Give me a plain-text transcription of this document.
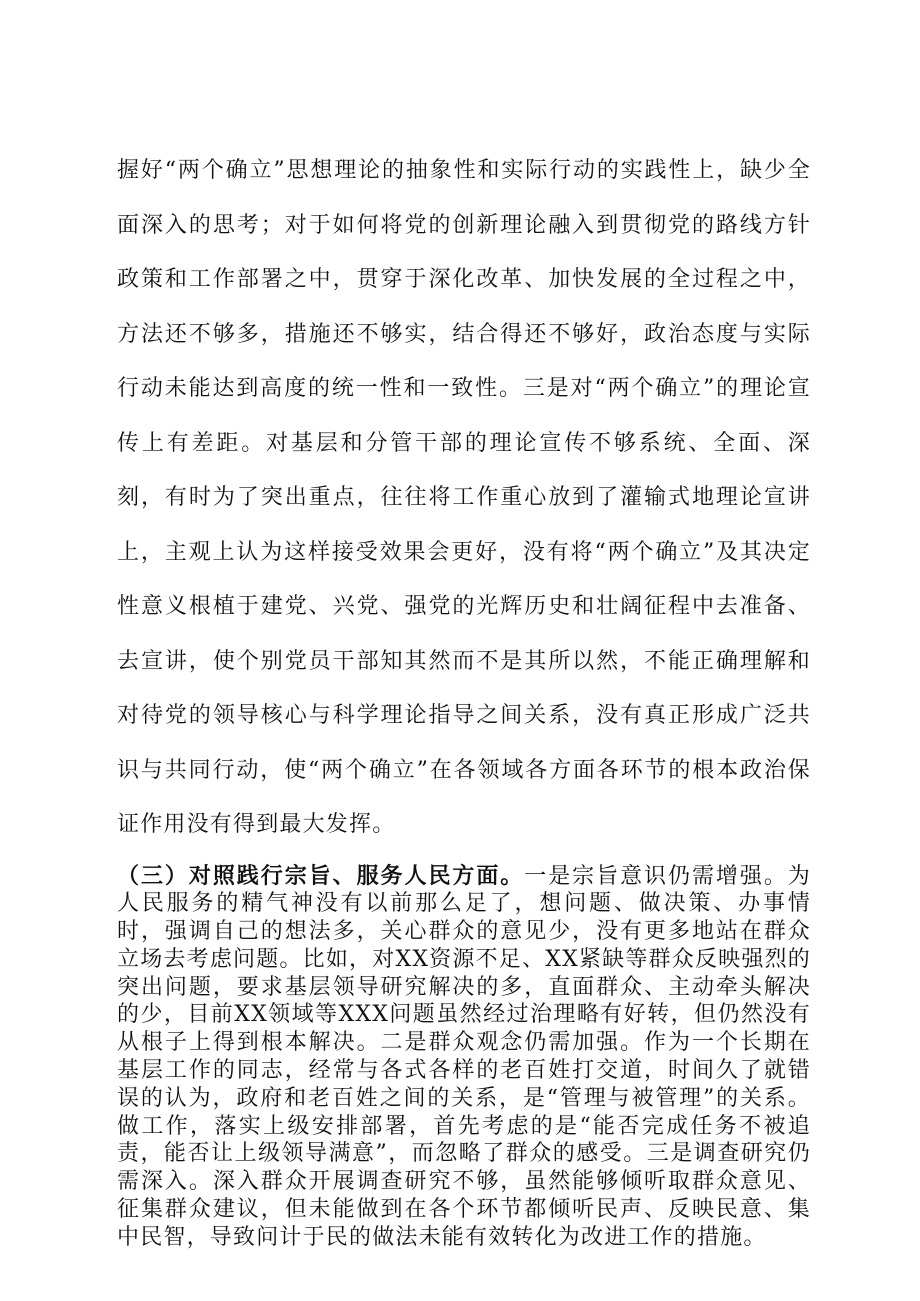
握好“两个确立”思想理论的抽象性和实际行动的实践性上，缺少全面深入的思考；对于如何将党的创新理论融入到贯彻党的路线方针政策和工作部署之中，贯穿于深化改革、加快发展的全过程之中，方法还不够多，措施还不够实，结合得还不够好，政治态度与实际行动未能达到高度的统一性和一致性。三是对“两个确立”的理论宣传上有差距。对基层和分管干部的理论宣传不够系统、全面、深刻，有时为了突出重点，往往将工作重心放到了灌输式地理论宣讲上，主观上认为这样接受效果会更好，没有将“两个确立”及其决定性意义根植于建党、兴党、强党的光辉历史和壮阔征程中去准备、去宣讲，使个别党员干部知其然而不是其所以然，不能正确理解和对待党的领导核心与科学理论指导之间关系，没有真正形成广泛共识与共同行动，使“两个确立”在各领域各方面各环节的根本政治保证作用没有得到最大发挥。

（三）对照践行宗旨、服务人民方面。一是宗旨意识仍需增强。为人民服务的精气神没有以前那么足了，想问题、做决策、办事情时，强调自己的想法多，关心群众的意见少，没有更多地站在群众立场去考虑问题。比如，对XX资源不足、XX紧缺等群众反映强烈的突出问题，要求基层领导研究解决的多，直面群众、主动牵头解决的少，目前XX领域等XXX问题虽然经过治理略有好转，但仍然没有从根子上得到根本解决。二是群众观念仍需加强。作为一个长期在基层工作的同志，经常与各式各样的老百姓打交道，时间久了就错误的认为，政府和老百姓之间的关系，是“管理与被管理”的关系。做工作，落实上级安排部署，首先考虑的是“能否完成任务不被追责，能否让上级领导满意”，而忽略了群众的感受。三是调查研究仍需深入。深入群众开展调查研究不够，虽然能够倾听取群众意见、征集群众建议，但未能做到在各个环节都倾听民声、反映民意、集中民智，导致问计于民的做法未能有效转化为改进工作的措施。
